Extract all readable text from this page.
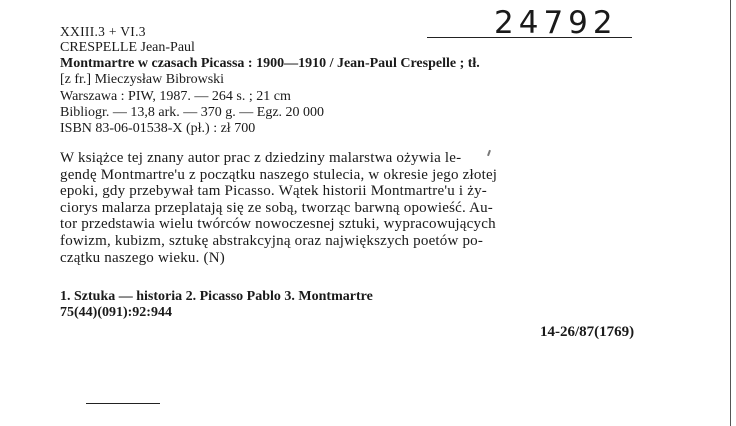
XXIII.3 + VI.3	24792
CRESPELLE Jean-Paul
Montmartre w czasach Picassa : 1900—1910 / Jean-Paul Crespelle ; tł.
[z fr.] Mieczysław Bibrowski
Warszawa : PIW, 1987. — 264 s. ; 21 cm
Bibliogr. — 13,8 ark. — 370 g. — Egz. 20 000
ISBN 83-06-01538-X (pł.) : zł 700
W książce tej znany autor prac z dziedziny malarstwa ożywia le-
gendę Montmartre'u z początku naszego stulecia, w okresie jego złotej
epoki, gdy przebywał tam Picasso. Wątek historii Montmartre'u i ży-
ciorys malarza przeplatają się ze sobą, tworząc barwną opowieść. Au-
tor przedstawia wielu twórców nowoczesnej sztuki, wypracowujących
fowizm, kubizm, sztukę abstrakcyjną oraz największych poetów po-
czątku naszego wieku. (N)
1. Sztuka — historia 2. Picasso Pablo 3. Montmartre
75(44)(091):92:944
14-26/87(1769)
